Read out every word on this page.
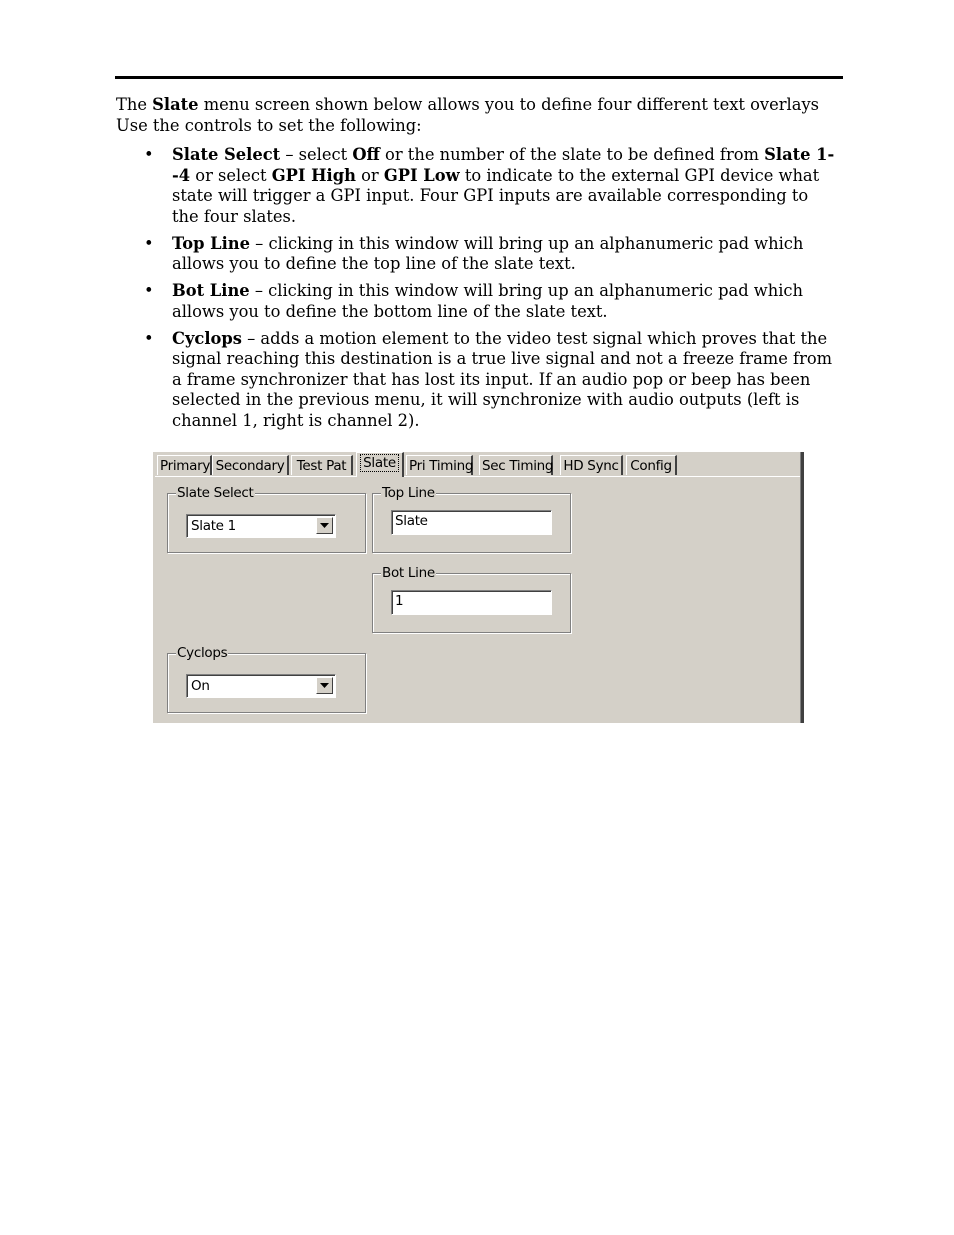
The Slate menu screen shown below allows you to define four different text overlays
Use the controls to set the following:
• Slate Select – select Off or the number of the slate to be defined from Slate 1--4 or select GPI High or GPI Low to indicate to the external GPI device what state will trigger a GPI input. Four GPI inputs are available corresponding to the four slates.
• Top Line – clicking in this window will bring up an alphanumeric pad which allows you to define the top line of the slate text.
• Bot Line – clicking in this window will bring up an alphanumeric pad which allows you to define the bottom line of the slate text.
• Cyclops – adds a motion element to the video test signal which proves that the signal reaching this destination is a true live signal and not a freeze frame from a frame synchronizer that has lost its input. If an audio pop or beep has been selected in the previous menu, it will synchronize with audio outputs (left is channel 1, right is channel 2).
Primary Secondary Test Pat	Slate Pri Timing Sec Timing HD Sync Config
Slate Select
Slate 1
Top Line
Slate
Bot Line
1
Cyclops
On
